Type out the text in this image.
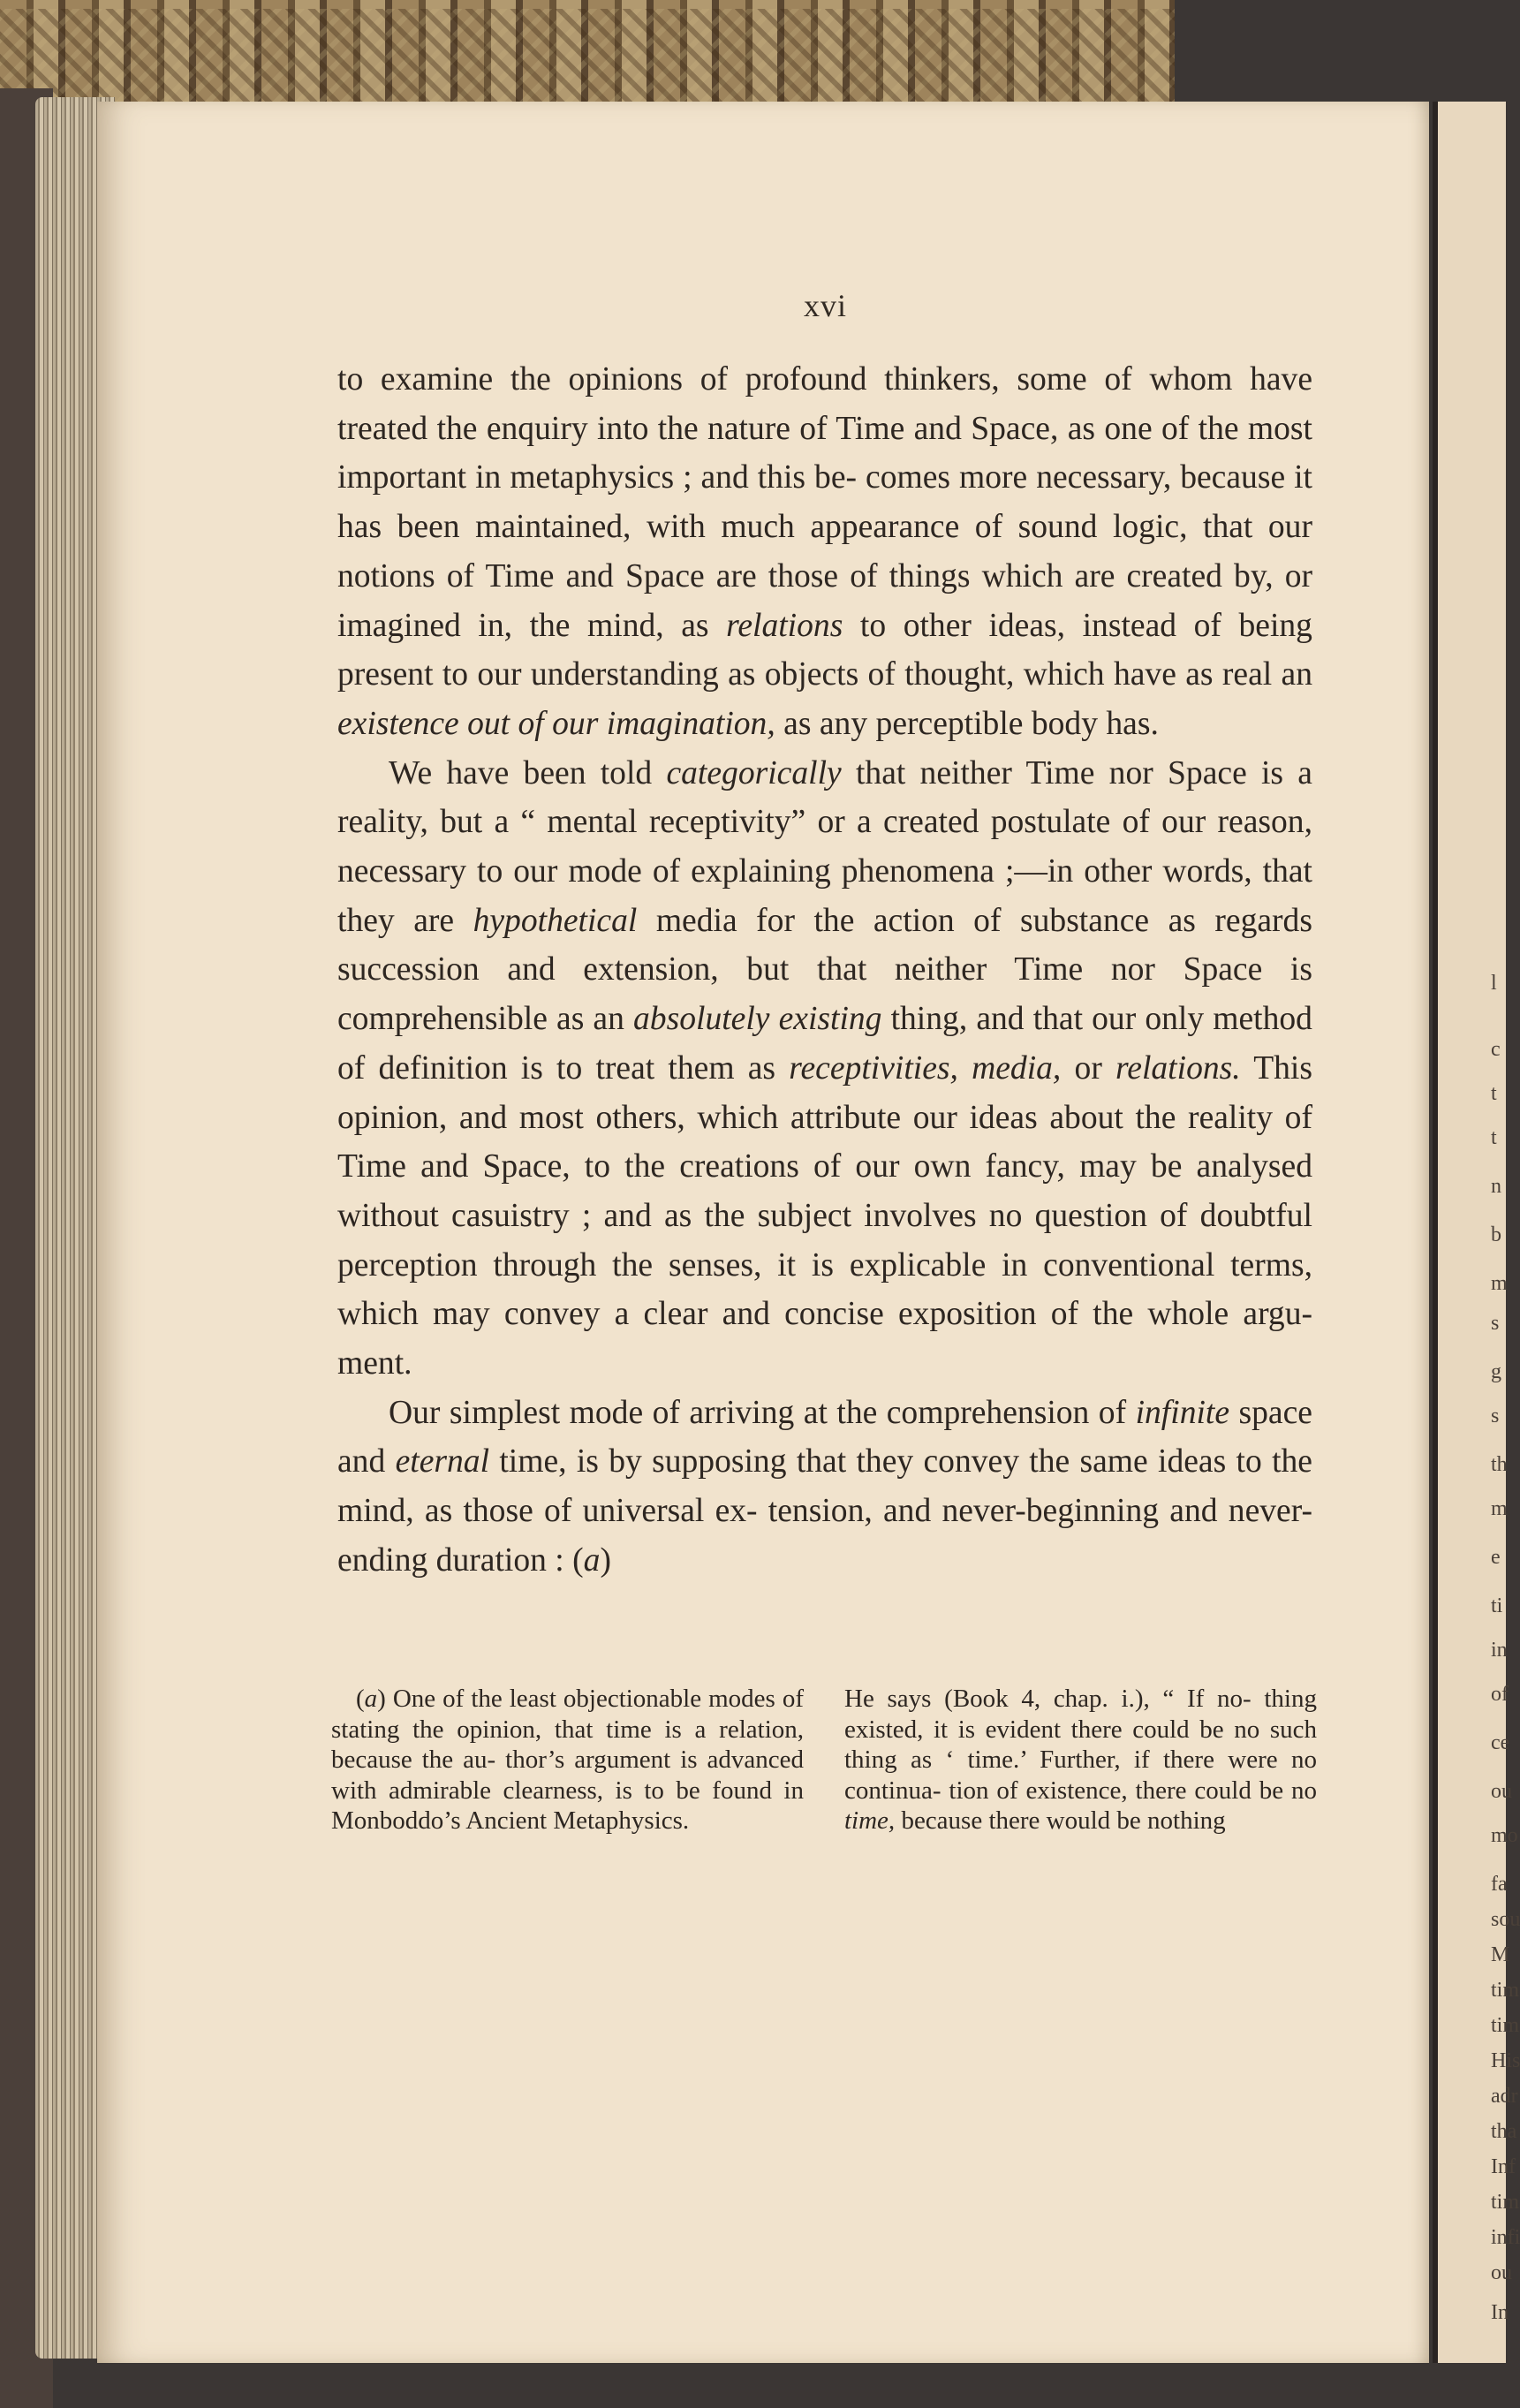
l
c
t
t
n
b
m
s
g
s
th
m
e
ti
in
of
ce
ou
mo
fa
sou
M
tim
tim
His
adr
tha
Inf
tim
infi
ou
In
xvi

to examine the opinions of profound thinkers, some of whom have treated the enquiry into the nature of Time and Space, as one of the most important in metaphysics ; and this be- comes more necessary, because it has been maintained, with much appearance of sound logic, that our notions of Time and Space are those of things which are created by, or imagined in, the mind, as relations to other ideas, instead of being present to our understanding as objects of thought, which have as real an existence out of our imagination, as any perceptible body has.

We have been told categorically that neither Time nor Space is a reality, but a “ mental receptivity” or a created postulate of our reason, necessary to our mode of explaining phenomena ;—in other words, that they are hypothetical media for the action of substance as regards succession and extension, but that neither Time nor Space is comprehensible as an absolutely existing thing, and that our only method of definition is to treat them as receptivities, media, or relations. This opinion, and most others, which attribute our ideas about the reality of Time and Space, to the creations of our own fancy, may be analysed without casuistry ; and as the subject involves no question of doubtful perception through the senses, it is explicable in conventional terms, which may convey a clear and concise exposition of the whole argu- ment.

Our simplest mode of arriving at the comprehension of infinite space and eternal time, is by supposing that they convey the same ideas to the mind, as those of universal ex- tension, and never-beginning and never-ending duration : (a)

(a) One of the least objectionable modes of stating the opinion, that time is a relation, because the au- thor’s argument is advanced with admirable clearness, is to be found in Monboddo’s Ancient Metaphysics.
He says (Book 4, chap. i.), “ If no- thing existed, it is evident there could be no such thing as ‘ time.’ Further, if there were no continua- tion of existence, there could be no time, because there would be nothing
